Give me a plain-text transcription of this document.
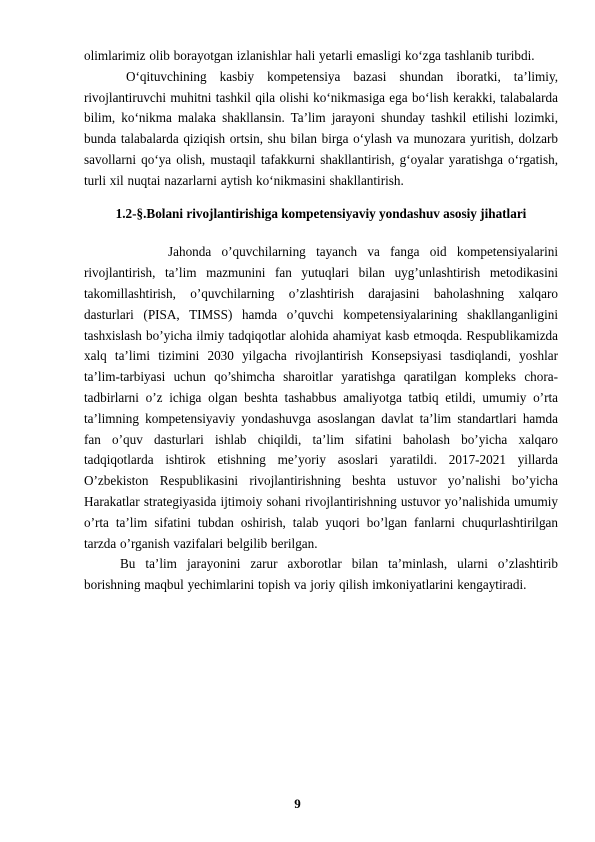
olimlarimiz olib borayotgan izlanishlar hali yetarli emasligi ko‘zga tashlanib turibdi.

O‘qituvchining kasbiy kompetensiya bazasi shundan iboratki, ta’limiy, rivojlantiruvchi muhitni tashkil qila olishi ko‘nikmasiga ega bo‘lish kerakki, talabalarda bilim, ko‘nikma malaka shakllansin. Ta’lim jarayoni shunday tashkil etilishi lozimki, bunda talabalarda qiziqish ortsin, shu bilan birga o‘ylash va munozara yuritish, dolzarb savollarni qo‘ya olish, mustaqil tafakkurni shakllantirish, g‘oyalar yaratishga o‘rgatish, turli xil nuqtai nazarlarni aytish ko‘nikmasini shakllantirish.

1.2-§.Bolani rivojlantirishiga kompetensiyaviy yondashuv asosiy jihatlari

Jahonda o’quvchilarning tayanch va fanga oid kompetensiyalarini rivojlantirish, ta’lim mazmunini fan yutuqlari bilan uyg’unlashtirish metodikasini takomillashtirish, o’quvchilarning o’zlashtirish darajasini baholashning xalqaro dasturlari (PISA, TIMSS) hamda o’quvchi kompetensiyalarining shakllanganligini tashxislash bo’yicha ilmiy tadqiqotlar alohida ahamiyat kasb etmoqda. Respublikamizda xalq ta’limi tizimini 2030 yilgacha rivojlantirish Konsepsiyasi tasdiqlandi, yoshlar ta’lim-tarbiyasi uchun qo’shimcha sharoitlar yaratishga qaratilgan kompleks chora-tadbirlarni o’z ichiga olgan beshta tashabbus amaliyotga tatbiq etildi, umumiy o’rta ta’limning kompetensiyaviy yondashuvga asoslangan davlat ta’lim standartlari hamda fan o’quv dasturlari ishlab chiqildi, ta’lim sifatini baholash bo’yicha xalqaro tadqiqotlarda ishtirok etishning me’yoriy asoslari yaratildi. 2017-2021 yillarda O’zbekiston Respublikasini rivojlantirishning beshta ustuvor yo’nalishi bo’yicha Harakatlar strategiyasida ijtimoiy sohani rivojlantirishning ustuvor yo’nalishida umumiy o’rta ta’lim sifatini tubdan oshirish, talab yuqori bo’lgan fanlarni chuqurlashtirilgan tarzda o’rganish vazifalari belgilib berilgan.

Bu ta’lim jarayonini zarur axborotlar bilan ta’minlash, ularni o’zlashtirib borishning maqbul yechimlarini topish va joriy qilish imkoniyatlarini kengaytiradi.

9
